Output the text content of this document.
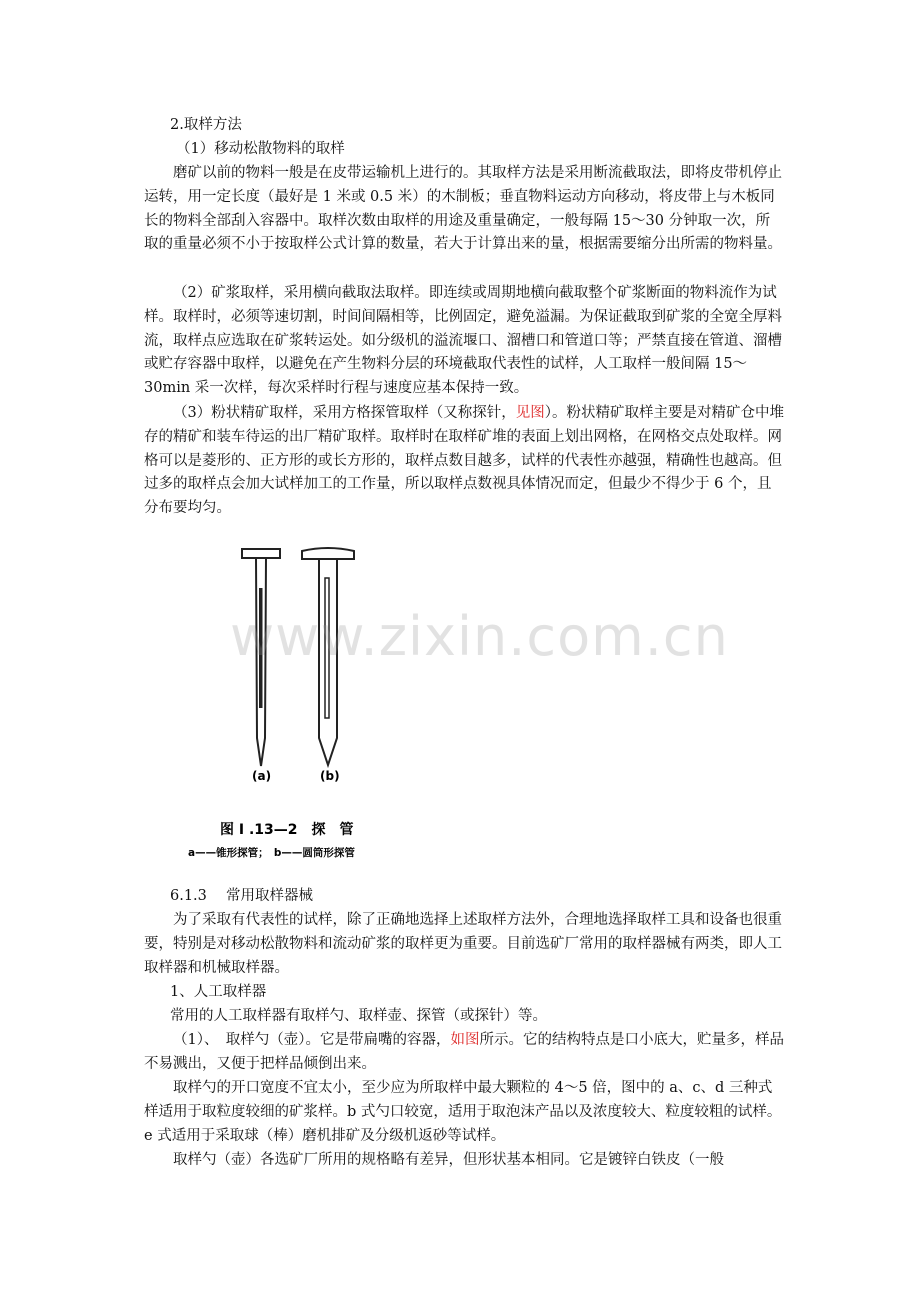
2.取样方法

（1）移动松散物料的取样

磨矿以前的物料一般是在皮带运输机上进行的。其取样方法是采用断流截取法，即将皮带机停止运转，用一定长度（最好是 1 米或 0.5 米）的木制板；垂直物料运动方向移动，将皮带上与木板同长的物料全部刮入容器中。取样次数由取样的用途及重量确定，一般每隔 15～30 分钟取一次，所取的重量必须不小于按取样公式计算的数量，若大于计算出来的量，根据需要缩分出所需的物料量。

（2）矿浆取样，采用横向截取法取样。即连续或周期地横向截取整个矿浆断面的物料流作为试样。取样时，必须等速切割，时间间隔相等，比例固定，避免溢漏。为保证截取到矿浆的全宽全厚料流，取样点应选取在矿浆转运处。如分级机的溢流堰口、溜槽口和管道口等；严禁直接在管道、溜槽或贮存容器中取样，以避免在产生物料分层的环境截取代表性的试样，人工取样一般间隔 15～30min 采一次样，每次采样时行程与速度应基本保持一致。

（3）粉状精矿取样，采用方格探管取样（又称探针，见图）。粉状精矿取样主要是对精矿仓中堆存的精矿和装车待运的出厂精矿取样。取样时在取样矿堆的表面上划出网格，在网格交点处取样。网格可以是菱形的、正方形的或长方形的，取样点数目越多，试样的代表性亦越强，精确性也越高。但过多的取样点会加大试样加工的工作量，所以取样点数视具体情况而定，但最少不得少于 6 个，且分布要均匀。

(a)	(b)
图 I .13—2　探　管
a——锥形探管；　b——圆筒形探管
www.zixin.com.cn

6.1.3　 常用取样器械

为了采取有代表性的试样，除了正确地选择上述取样方法外，合理地选择取样工具和设备也很重要，特别是对移动松散物料和流动矿浆的取样更为重要。目前选矿厂常用的取样器械有两类，即人工取样器和机械取样器。

1、人工取样器

常用的人工取样器有取样勺、取样壶、探管（或探针）等。

（1）、　取样勺（壶）。它是带扁嘴的容器，如图所示。它的结构特点是口小底大，贮量多，样品不易溅出，又便于把样品倾倒出来。

取样勺的开口宽度不宜太小，至少应为所取样中最大颗粒的 4～5 倍，图中的 a、c、d 三种式样适用于取粒度较细的矿浆样。b 式勺口较宽，适用于取泡沫产品以及浓度较大、粒度较粗的试样。e 式适用于采取球（棒）磨机排矿及分级机返砂等试样。

取样勺（壶）各选矿厂所用的规格略有差异，但形状基本相同。它是镀锌白铁皮（一般
